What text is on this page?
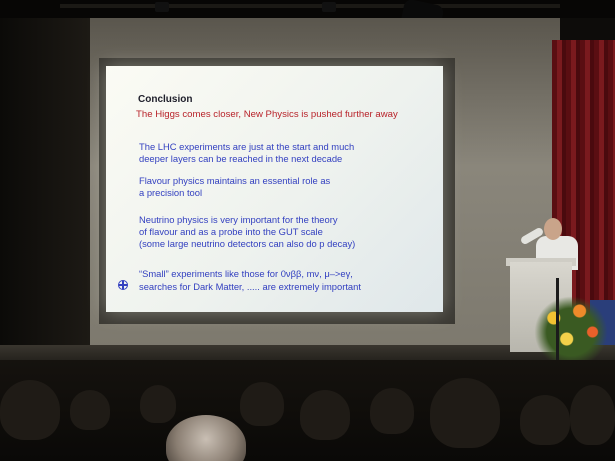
Conclusion
The Higgs comes closer, New Physics is pushed further away
The LHC experiments are just at the start and much
deeper layers can be reached in the next decade
Flavour physics maintains an essential role as
a precision tool
Neutrino physics is very important for the theory
of flavour and as a probe into the GUT scale
(some large neutrino detectors can also do p decay)
“Small” experiments like those for 0νββ, mν, μ–>eγ,
searches for Dark Matter, ..... are extremely important
